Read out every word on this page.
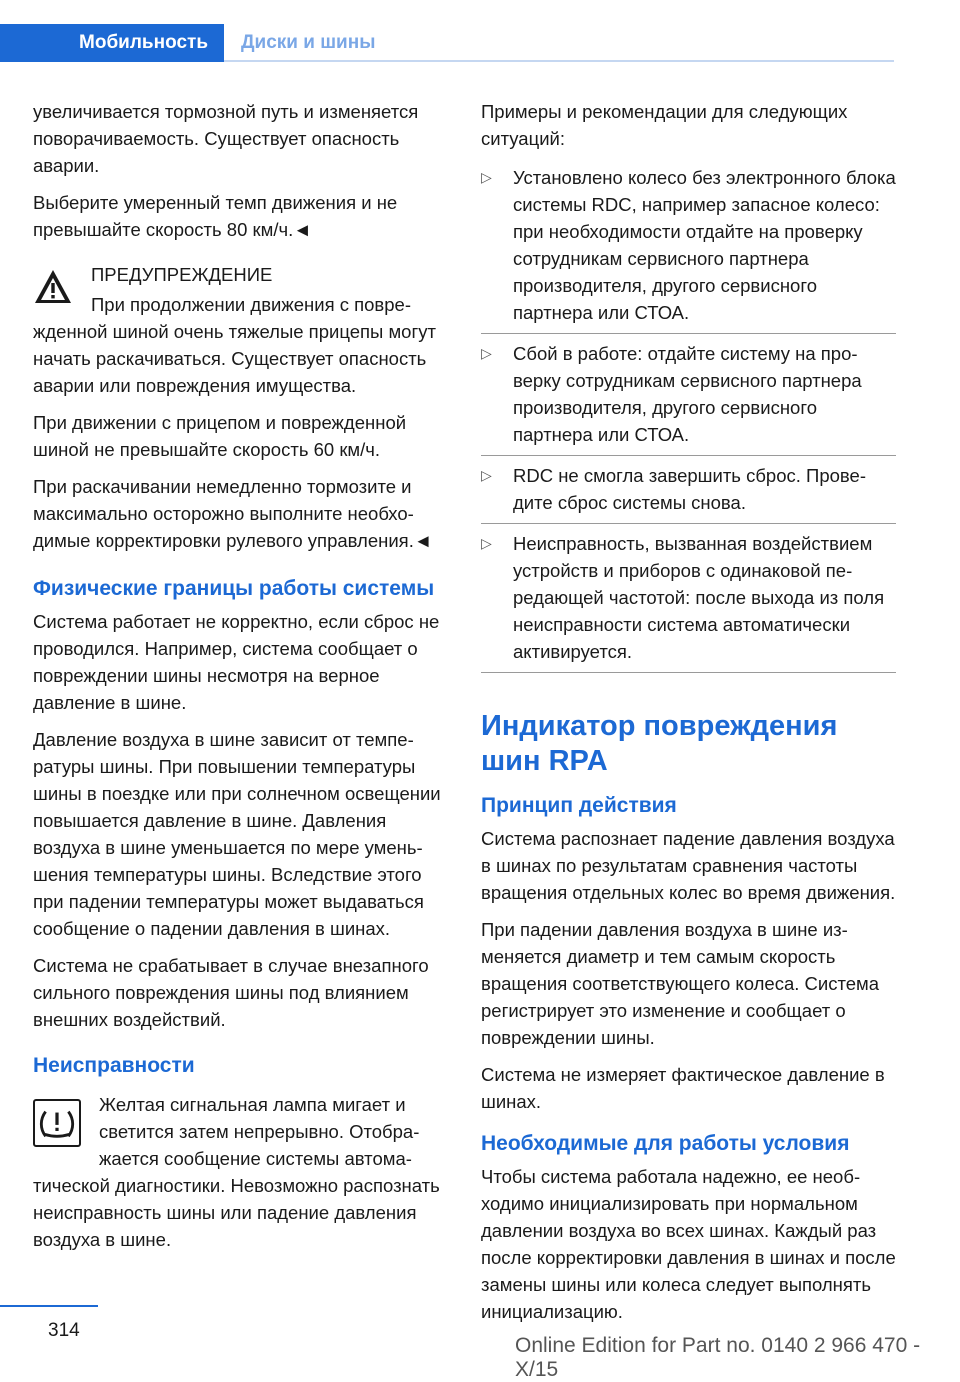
Мобильность	Диски и шины

увеличивается тормозной путь и изменяется поворачиваемость. Существует опасность аварии.

Выберите умеренный темп движения и не превышайте скорость 80 км/ч.◄

ПРЕДУПРЕЖДЕНИЕ

При продолжении движения с поврежденной шиной очень тяжелые прицепы могут начать раскачиваться. Существует опасность аварии или повреждения имущества.

При движении с прицепом и поврежденной шиной не превышайте скорость 60 км/ч.

При раскачивании немедленно тормозите и максимально осторожно выполните необходимые корректировки рулевого управления.◄

Физические границы работы системы

Система работает не корректно, если сброс не проводился. Например, система сообщает о повреждении шины несмотря на верное давление в шине.

Давление воздуха в шине зависит от температуры шины. При повышении температуры шины в поездке или при солнечном освещении повышается давление в шине. Давления воздуха в шине уменьшается по мере уменьшения температуры шины. Вследствие этого при падении температуры может выдаваться сообщение о падении давления в шинах.

Система не срабатывает в случае внезапного сильного повреждения шины под влиянием внешних воздействий.

Неисправности

Желтая сигнальная лампа мигает и светится затем непрерывно. Отображается сообщение системы автоматической диагностики. Невозможно распознать неисправность шины или падение давления воздуха в шине.

Примеры и рекомендации для следующих ситуаций:

▷ Установлено колесо без электронного блока системы RDC, например запасное колесо: при необходимости отдайте на проверку сотрудникам сервисного партнера производителя, другого сервисного партнера или СТОА.
▷ Сбой в работе: отдайте систему на проверку сотрудникам сервисного партнера производителя, другого сервисного партнера или СТОА.
▷ RDC не смогла завершить сброс. Проведите сброс системы снова.
▷ Неисправность, вызванная воздействием устройств и приборов с одинаковой передающей частотой: после выхода из поля неисправности система автоматически активируется.
Индикатор повреждения шин RPA
Принцип действия

Система распознает падение давления воздуха в шинах по результатам сравнения частоты вращения отдельных колес во время движения.

При падении давления воздуха в шине изменяется диаметр и тем самым скорость вращения соответствующего колеса. Система регистрирует это изменение и сообщает о повреждении шины.

Система не измеряет фактическое давление в шинах.

Необходимые для работы условия

Чтобы система работала надежно, ее необходимо инициализировать при нормальном давлении воздуха во всех шинах. Каждый раз после корректировки давления в шинах и после замены шины или колеса следует выполнять инициализацию.

314
Online Edition for Part no. 0140 2 966 470 - X/15
